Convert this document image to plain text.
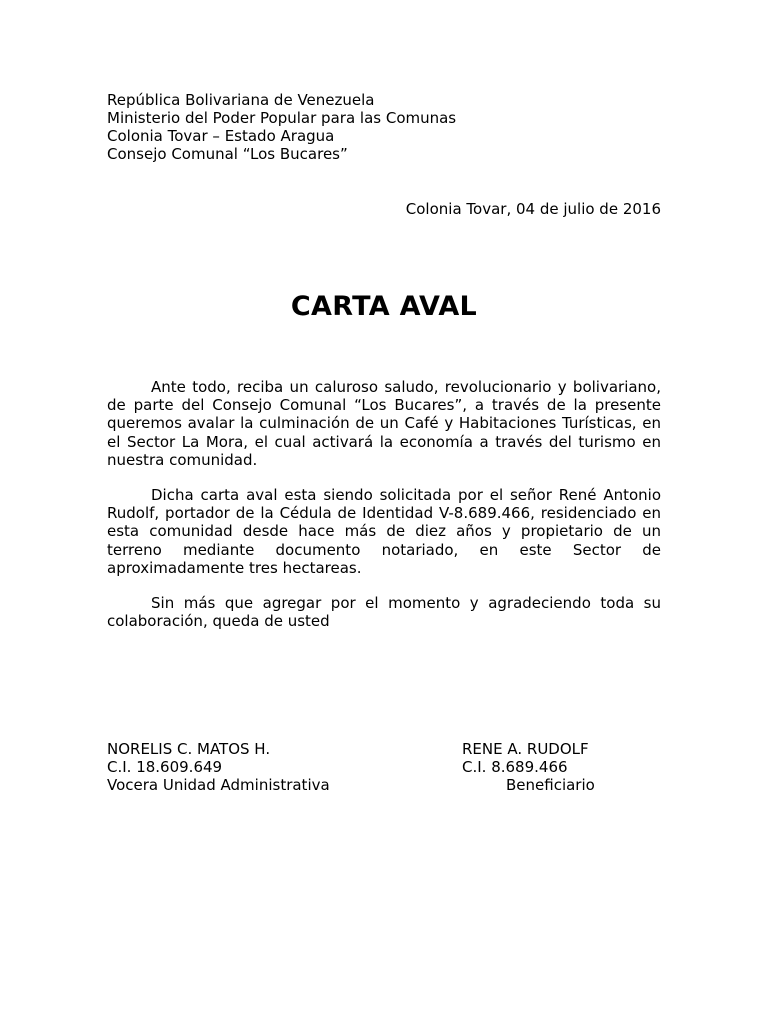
República Bolivariana de Venezuela
Ministerio del Poder Popular para las Comunas
Colonia Tovar – Estado Aragua
Consejo Comunal “Los Bucares”
Colonia Tovar, 04 de julio de 2016
CARTA AVAL

Ante todo, reciba un caluroso saludo, revolucionario y bolivariano, de parte del Consejo Comunal “Los Bucares”, a través de la presente queremos avalar la culminación de un Café y Habitaciones Turísticas, en el Sector La Mora, el cual activará la economía a través del turismo en nuestra comunidad.

Dicha carta aval esta siendo solicitada por el señor René Antonio Rudolf, portador de la Cédula de Identidad V-8.689.466, residenciado en esta comunidad desde hace más de diez años y propietario de un terreno mediante documento notariado, en este Sector de aproximadamente tres hectareas.

Sin más que agregar por el momento y agradeciendo toda su colaboración, queda de usted

NORELIS C. MATOS H.
C.I. 18.609.649
Vocera Unidad Administrativa
RENE A. RUDOLF
C.I. 8.689.466
Beneficiario
